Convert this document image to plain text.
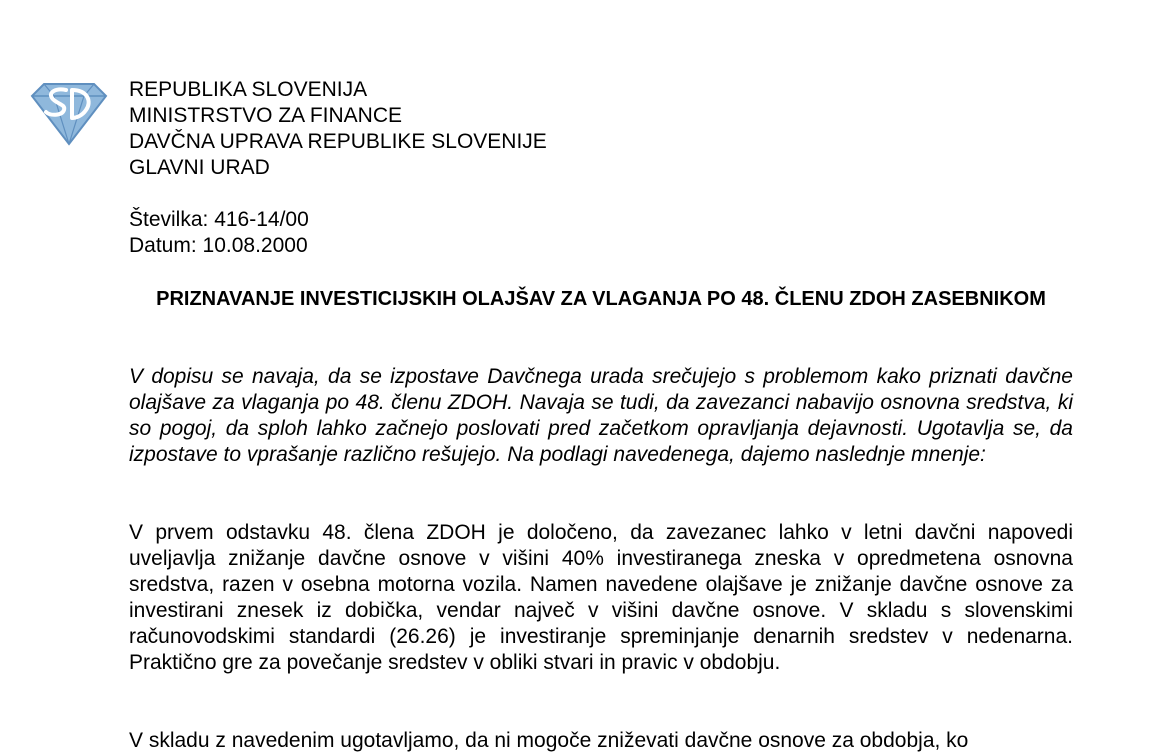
REPUBLIKA SLOVENIJA
MINISTRSTVO ZA FINANCE
DAVČNA UPRAVA REPUBLIKE SLOVENIJE
GLAVNI URAD
Številka: 416-14/00
Datum: 10.08.2000
PRIZNAVANJE INVESTICIJSKIH OLAJŠAV ZA VLAGANJA PO 48. ČLENU ZDOH ZASEBNIKOM
V dopisu se navaja, da se izpostave Davčnega urada srečujejo s problemom kako priznati davčne olajšave za vlaganja po 48. členu ZDOH. Navaja se tudi, da zavezanci nabavijo osnovna sredstva, ki so pogoj, da sploh lahko začnejo poslovati pred začetkom opravljanja dejavnosti. Ugotavlja se, da izpostave to vprašanje različno rešujejo. Na podlagi navedenega, dajemo naslednje mnenje:
V prvem odstavku 48. člena ZDOH je določeno, da zavezanec lahko v letni davčni napovedi uveljavlja znižanje davčne osnove v višini 40% investiranega zneska v opredmetena osnovna sredstva, razen v osebna motorna vozila. Namen navedene olajšave je znižanje davčne osnove za investirani znesek iz dobička, vendar največ v višini davčne osnove. V skladu s slovenskimi računovodskimi standardi (26.26) je investiranje spreminjanje denarnih sredstev v nedenarna. Praktično gre za povečanje sredstev v obliki stvari in pravic v obdobju.
V skladu z navedenim ugotavljamo, da ni mogoče zniževati davčne osnove za obdobja, ko
